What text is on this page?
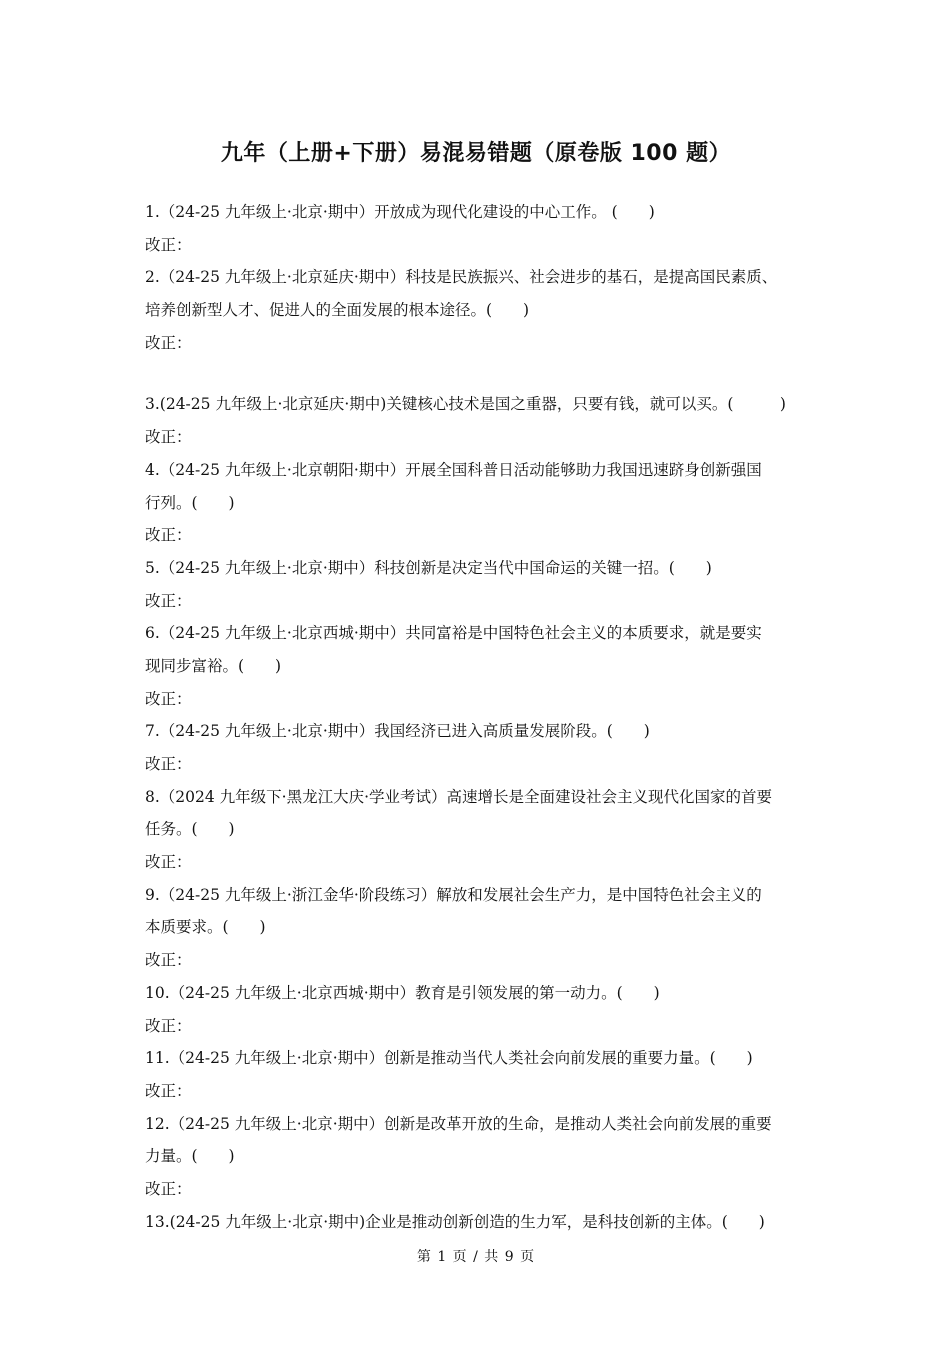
九年（上册+下册）易混易错题（原卷版 100 题）
1.（24-25 九年级上·北京·期中）开放成为现代化建设的中心工作。 (　　)
改正：
2.（24-25 九年级上·北京延庆·期中）科技是民族振兴、社会进步的基石，是提高国民素质、
培养创新型人才、促进人的全面发展的根本途径。(　　)
改正：
3.(24-25 九年级上·北京延庆·期中)关键核心技术是国之重器，只要有钱，就可以买。(　　　)
改正：
4.（24-25 九年级上·北京朝阳·期中）开展全国科普日活动能够助力我国迅速跻身创新强国
行列。(　　)
改正：
5.（24-25 九年级上·北京·期中）科技创新是决定当代中国命运的关键一招。(　　)
改正：
6.（24-25 九年级上·北京西城·期中）共同富裕是中国特色社会主义的本质要求，就是要实
现同步富裕。(　　)
改正：
7.（24-25 九年级上·北京·期中）我国经济已进入高质量发展阶段。(　　)
改正：
8.（2024 九年级下·黑龙江大庆·学业考试）高速增长是全面建设社会主义现代化国家的首要
任务。(　　)
改正：
9.（24-25 九年级上·浙江金华·阶段练习）解放和发展社会生产力，是中国特色社会主义的
本质要求。(　　)
改正：
10.（24-25 九年级上·北京西城·期中）教育是引领发展的第一动力。(　　)
改正：
11.（24-25 九年级上·北京·期中）创新是推动当代人类社会向前发展的重要力量。(　　)
改正：
12.（24-25 九年级上·北京·期中）创新是改革开放的生命，是推动人类社会向前发展的重要
力量。(　　)
改正：
13.(24-25 九年级上·北京·期中)企业是推动创新创造的生力军，是科技创新的主体。(　　)
第 1 页 / 共 9 页
